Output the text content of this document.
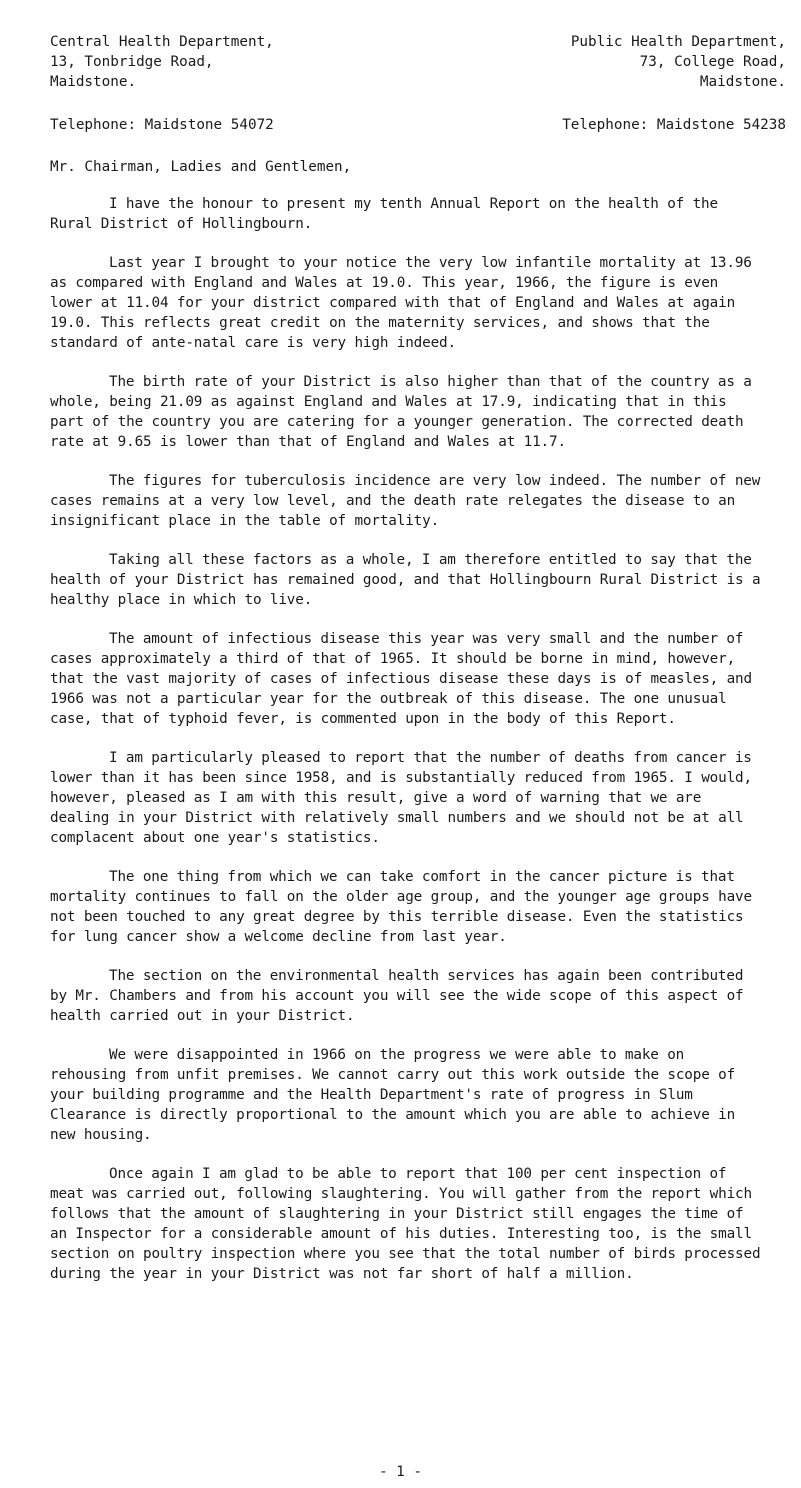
Central Health Department,
13, Tonbridge Road,
Maidstone.
Telephone: Maidstone 54072
Public Health Department,
73, College Road,
Maidstone.
Telephone: Maidstone 54238

Mr. Chairman, Ladies and Gentlemen,

I have the honour to present my tenth Annual Report on the health of the Rural District of Hollingbourn.

Last year I brought to your notice the very low infantile mortality at 13.96 as compared with England and Wales at 19.0. This year, 1966, the figure is even lower at 11.04 for your district compared with that of England and Wales at again 19.0. This reflects great credit on the maternity services, and shows that the standard of ante-natal care is very high indeed.

The birth rate of your District is also higher than that of the country as a whole, being 21.09 as against England and Wales at 17.9, indicating that in this part of the country you are catering for a younger generation. The corrected death rate at 9.65 is lower than that of England and Wales at 11.7.

The figures for tuberculosis incidence are very low indeed. The number of new cases remains at a very low level, and the death rate relegates the disease to an insignificant place in the table of mortality.

Taking all these factors as a whole, I am therefore entitled to say that the health of your District has remained good, and that Hollingbourn Rural District is a healthy place in which to live.

The amount of infectious disease this year was very small and the number of cases approximately a third of that of 1965. It should be borne in mind, however, that the vast majority of cases of infectious disease these days is of measles, and 1966 was not a particular year for the outbreak of this disease. The one unusual case, that of typhoid fever, is commented upon in the body of this Report.

I am particularly pleased to report that the number of deaths from cancer is lower than it has been since 1958, and is substantially reduced from 1965. I would, however, pleased as I am with this result, give a word of warning that we are dealing in your District with relatively small numbers and we should not be at all complacent about one year's statistics.

The one thing from which we can take comfort in the cancer picture is that mortality continues to fall on the older age group, and the younger age groups have not been touched to any great degree by this terrible disease. Even the statistics for lung cancer show a welcome decline from last year.

The section on the environmental health services has again been contributed by Mr. Chambers and from his account you will see the wide scope of this aspect of health carried out in your District.

We were disappointed in 1966 on the progress we were able to make on rehousing from unfit premises. We cannot carry out this work outside the scope of your building programme and the Health Department's rate of progress in Slum Clearance is directly proportional to the amount which you are able to achieve in new housing.

Once again I am glad to be able to report that 100 per cent inspection of meat was carried out, following slaughtering. You will gather from the report which follows that the amount of slaughtering in your District still engages the time of an Inspector for a considerable amount of his duties. Interesting too, is the small section on poultry inspection where you see that the total number of birds processed during the year in your District was not far short of half a million.

- 1 -
